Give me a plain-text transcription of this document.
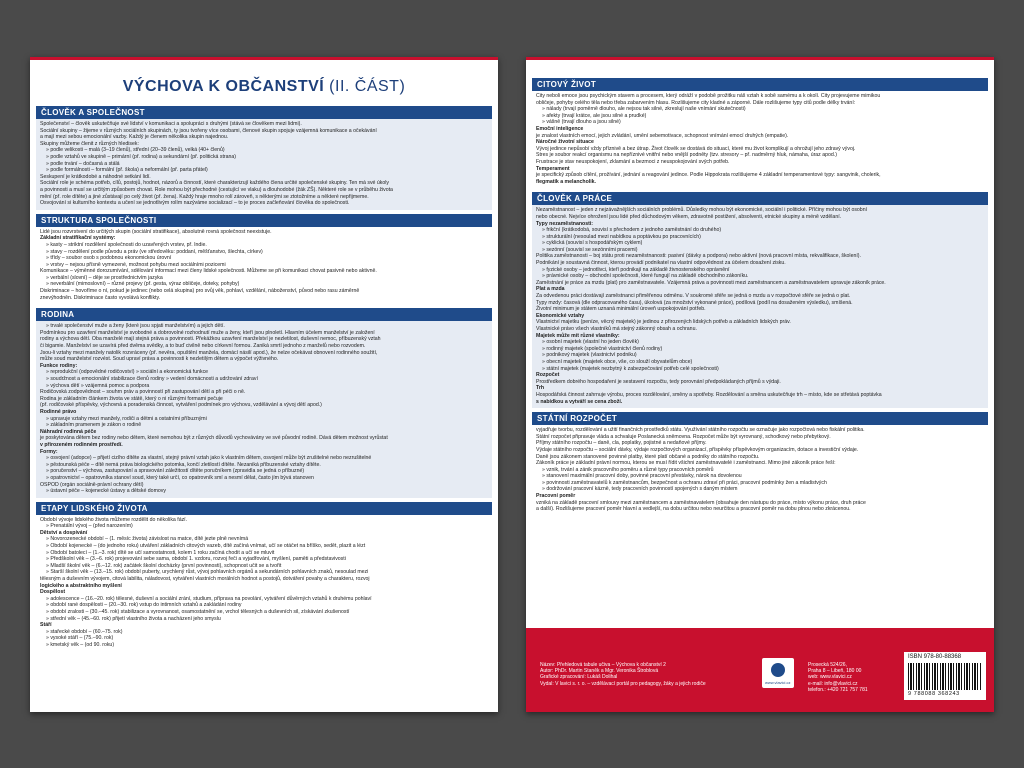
VÝCHOVA K OBČANSTVÍ (II. ČÁST)
ČLOVĚK A SPOLEČNOST

Společenství – člověk uskutečňuje své lidství v komunikaci a spolupráci s druhými (stává se člověkem mezi lidmi).

Sociální skupiny – žijeme v různých sociálních skupinách, ty jsou tvořeny více osobami, členové skupin spojuje vzájemná komunikace a očekávání

a mají mezi sebou emocionální vazby. Každý je členem několika skupin najednou.

Skupiny můžeme členit z různých hledisek:

» podle velikosti – malá (3–19 členů), střední (20–39 členů), velká (40+ členů)

» podle vztahů ve skupině – primární (př. rodina) a sekundární (př. politická strana)

» podle trvání – dočasná a stálá

» podle formálnosti – formální (př. škola) a neformální (př. parta přátel)

Seskupení je krátkodobé a náhodné setkání lidí.

Sociální role je schéma potřeb, cílů, postojů, hodnot, názorů a činností, které charakterizují každého člena určité společenské skupiny. Ten má své úkoly

a povinnosti a musí se určitým způsobem chovat. Role mohou být přechodné (cestující ve vlaku) a dlouhodobé (žák ZŠ). Některé role se v průběhu života

mění (př. role dítěte) a jiné zůstávají po celý život (př. žena). Každý hraje mnoho rolí zároveň, s některými se ztotožníme a některé nepřijmeme.

Osvojování si kulturního kontextu a učení se jednotlivým rolím nazýváme socializací – to je proces začleňování člověka do společnosti.

STRUKTURA SPOLEČNOSTI

Lidé jsou rozvrstvení do určitých skupin (sociální stratifikace), absolutně rovná společnost neexistuje.

Základní stratifikační systémy:

» kasty – striktní rozdělení společnosti do uzavřených vrstev, př. Indie.

» stavy – rozdělení podle původu a práv (ve středověku: poddaní, měšťanstvo, šlechta, církev)

» třídy – soubor osob s podobnou ekonomickou úrovní

» vrstvy – nejsou přísně vymezené, možnost pohybu mezi sociálními pozicemi

Komunikace – výměnné dorozumívání, sdělování informací mezi členy lidské společnosti. Můžeme se při komunikaci chovat pasivně nebo aktivně.

» verbální (slovní) – děje se prostřednictvím jazyka

» neverbální (mimoslovní) – různé projevy (př. gesta, výraz obličeje, doteky, pohyby)

Diskriminace – hovoříme o ní, pokud je jedinec (nebo celá skupina) pro svůj věk, pohlaví, vzdělání, náboženství, původ nebo rasu záměrně

znevýhodněn. Diskriminace často vyvolává konflikty.

RODINA

» trvalé společenství muže a ženy (které jsou spjati manželstvím) a jejich dětí.

Podmínkou pro uzavření manželství je svobodné a dobrovolné rozhodnutí muže a ženy, kteří jsou plnoletí. Hlavním účelem manželství je založení

rodiny a výchova dětí. Oba manželé mají stejná práva a povinnosti. Překážkou uzavření manželství je nezletilost, duševní nemoc, příbuzenský vztah

či bigamie. Manželství se uzavírá před dvěma svědky, a to buď civilně nebo církevní formou. Zaniká smrtí jednoho z manželů nebo rozvodem.

Jsou-li vztahy mezi manžely natolik rozvráceny (př. nevěra, opuštění manžela, domácí násilí apod.), že nelze očekávat obnovení rodinného soužití,

může soud manželství rozvést. Soud upraví práva a povinnosti k nezletilým dětem a výpočet výživného.

Funkce rodiny:

» reprodukční (odpovědné rodičovství) » sociální a ekonomická funkce

» soudržnost a emocionální stabilizace členů rodiny » vedení domácnosti a udržování zdraví

» výchova dětí » vzájemná pomoc a podpora

Rodičovská zodpovědnost – souhrn práv a povinností při zastupování dětí a při péči o ně.

Rodina je základním článkem života ve státě, který o ni různými formami pečuje

(př. rodičovské příspěvky, výchovná a poradenská činnost, vytváření podmínek pro výchovu, vzdělávání a vývoj dětí apod.)

Rodinné právo

» upravuje vztahy mezi manžely, rodiči a dětmi a ostatními příbuznými

» základním pramenem je zákon o rodině

Náhradní rodinná péče

je poskytována dětem bez rodiny nebo dětem, které nemohou být z různých důvodů vychovávány ve své původní rodině. Dává dětem možnost vyrůstat

v přirozeném rodinném prostředí.

Formy:

» osvojení (adopce) – přijetí cizího dítěte za vlastní, stejný právní vztah jako k vlastním dětem, osvojení může být zrušitelné nebo nezrušitelné

» pěstounská péče – dítě nemá práva biologického potomka, končí zletilostí dítěte. Nezaniká příbuzenské vztahy dítěte.

» poručenství – výchova, zastupování a spravování záležitostí dítěte poručníkem (zpravidla se jedná o příbuzné)

» opatrovnictví – opatrovníka stanoví soud, který také určí, co opatrovník smí a nesmí dělat, často jím bývá stanoven

OSPOD (orgán sociálně-právní ochrany dětí)

» ústavní péče – kojenecké ústavy a dětské domovy

ETAPY LIDSKÉHO ŽIVOTA

Období vývoje lidského života můžeme rozdělit do několika fází.

» Prenatální vývoj – (před narozením)

Dětství a dospívání

» Novorozenecké období – (1. měsíc života) závislost na matce, dítě jezte plně nevnímá

» Období kojenecké – (do jednoho roku) utváření základních citových vazeb, dítě začíná vnímat, učí se otáčet na bříško, sedět, plazit a lézt

» Období batolecí – (1.–3. rok) dítě se učí samostatnosti, kolem 1 roku začíná chodit a učí se mluvit

» Předškolní věk – (3.–6. rok) projevování sebe sama, období 1. vzdoru, rozvoj řeči a vyjadřování, myšlení, paměti a představivosti

» Mladší školní věk – (6.–12. rok) začátek školní docházky (první povinnosti), schopnost učit se a tvořit

» Starší školní věk – (13.–15. rok) období puberty, urychlený růst, vývoj pohlavních orgánů a sekundárních pohlavních znaků, nesoulad mezi

tělesným a duševním vývojem, citová labilita, náladovost, vytváření vlastních morálních hodnot a postojů, dotváření povahy a charakteru, rozvoj

logického a abstraktního myšlení

Dospělost

» adolescence – (16.–20. rok) tělesné, duševní a sociální zrání, studium, přípravа na povolání, vytváření důvěrných vztahů k druhému pohlaví

» období rané dospělosti – (20.–30. rok) vstup do intimních vztahů a zakládání rodiny

» období zralosti – (30.–45. rok) stabilizace a vyrovnanost, osamostatnění se, vrchol tělesných a duševních sil, získávání zkušeností

» střední věk – (45.–60. rok) přijetí vlastního života a nacházení jeho smyslu

Stáří

» stařecké období – (60.–75. rok)

» vysoké stáří – (75.–90. rok)

» kmetský věk – (od 90. roku)

CITOVÝ ŽIVOT

City neboli emoce jsou psychickým stavem a procesem, který odráží v podobě prožitku náš vztah k sobě samému a k okolí. City projevujeme mimikou

obličeje, pohyby celého těla nebo třeba zabarvením hlasu. Rozlišujeme city kladné a záporné. Dále rozlišujeme typy citů podle délky trvání:

» nálady (trvají poměrně dlouho, ale nejsou tak silné, zkreslují naše vnímání skutečnosti)

» afekty (trvají krátce, ale jsou silné a prudké)

» vášně (trvají dlouho a jsou silné)

Emoční inteligence

je znalost vlastních emocí, jejich zvládání, umění sebemotivace, schopnost vnímání emocí druhých (empatie).

Náročné životní situace

Vývoj jedince nepůsobí vždy příznivě a bez útrap. Život člověk se dostává do situací, které mu život komplikují a ohrožují jeho zdravý vývoj.

Stres je soubor reakcí organismu na nepříznivé vnitřní nebo vnější podněty (tzv. stresory – př. nadměrný hluk, námaha, úraz apod.)

Frustrace je stav neuspokojení, zklamání a bezmoci z neuspokojování svých potřeb.

Temperament

je specifický způsob cítění, prožívání, jednání a reagování jedince. Podle Hippokrata rozlišujeme 4 základní temperamentové typy: sangvinik, cholerik,

flegmatik a melancholik.

ČLOVĚK A PRÁCE

Nezaměstnanost – jeden z nejzávažnějších sociálních problémů. Důsledky mohou být ekonomické, sociální i politické. Příčiny mohou být osobní

nebo obecné. Nejvíce ohrožení jsou lidé před důchodovým věkem, zdravotně postižení, absolventi, etnické skupiny a méně vzdělaní.

Typy nezaměstnanosti:

» frikční (krátkodobá, souvisí s přechodem z jednoho zaměstnání do druhého)

» strukturální (nesoulad mezi nabídkou a poptávkou po pracovnících)

» cyklická (souvisí s hospodářským cyklem)

» sezónní (souvisí se sezónními pracemi)

Politika zaměstnanosti – boj státu proti nezaměstnanosti: pasivní (dávky a podpora) nebo aktivní (nová pracovní místa, rekvalifikace, školení).

Podnikání je soustavná činnost, kterou provádí podnikatel na vlastní odpovědnost za účelem dosažení zisku.

» fyzické osoby – jednotlivci, kteří podnikají na základě živnostenského oprávnění

» právnické osoby – obchodní společnosti, které fungují na základě obchodního zákoníku.

Zaměstnání je práce za mzdu (plat) pro zaměstnavatele. Vzájemná práva a povinnosti mezi zaměstnancem a zaměstnavatelem upravuje zákoník práce.

Plat a mzda

Za odvedenou práci dostávají zaměstnanci přiměřenou odměnu. V soukromé sféře se jedná o mzdu a v rozpočtové sféře se jedná o plat.

Typy mzdy: časová (dle odpracovaného času), úkolová (za množství vykonané práce), podílová (podíl na dosaženém výsledku), smíšená.

Životní minimum je státem uznaná minimální úroveň uspokojování potřeb.

Ekonomické vztahy

Vlastnictví majetku (peníze, věcný majetek) je jedinou z přirozených lidských potřeb a základních lidských práv.

Vlastnické právo všech vlastníků má stejný zákonný obsah a ochranu.

Majetek může mít různé vlastníky:

» osobní majetek (vlastní ho jeden člověk)

» rodinný majetek (společné vlastnictví členů rodiny)

» podnikový majetek (vlastnictví podniku)

» obecní majetek (majetek obce, vše, co slouží obyvatelům obce)

» státní majetek (majetek nezbytný k zabezpečování potřeb celé společnosti)

Rozpočet

Prostředkem dobrého hospodaření je sestavení rozpočtu, tedy porovnání předpokládaných příjmů s výdaji.

Trh

Hospodářská činnost zahrnuje výrobu, proces rozdělování, směny a spotřeby. Rozdělování a směna uskutečňuje trh – místo, kde se střetává poptávka

s nabídkou a vytváří se cena zboží.

STÁTNÍ ROZPOČET

vyjadřuje tvorbu, rozdělování a užití finančních prostředků státu. Využívání státního rozpočtu se označuje jako rozpočtová nebo fiskální politika.

Státní rozpočet připravuje vláda a schvaluje Poslanecká sněmovna. Rozpočet může být vyrovnaný, schodkový nebo přebytkový.

Příjmy státního rozpočtu – daně, cla, poplatky, pojistné a nedaňové příjmy.

Výdaje státního rozpočtu – sociální dávky, výdaje rozpočtových organizací, příspěvky příspěvkovým organizacím, dotace a investiční výdaje.

Daně jsou zákonem stanovené povinné platby, které platí občané a podniky do státního rozpočtu.

Zákoník práce je základní právní normou, kterou se musí řídit všichni zaměstnavatelé i zaměstnanci. Mimo jiné zákoník práce řeší:

» vznik, trvání a zánik pracovního poměru a různé typy pracovních poměrů

» stanovení maximální pracovní doby, povinné pracovní přestávky, nárok na dovolenou

» povinnosti zaměstnavatelů k zaměstnancům, bezpečnost a ochranu zdraví při práci, pracovní podmínky žen a mladistvých

» dodržování pracovní kázně, tedy pracovních povinností spojených s daným místem

Pracovní poměr

vzniká na základě pracovní smlouvy mezi zaměstnancem a zaměstnavatelem (obsahuje den nástupu do práce, místo výkonu práce, druh práce

a další). Rozlišujeme pracovní poměr hlavní a vedlejší, na dobu určitou nebo neurčitou a pracovní poměr na dobu plnou nebo zkrácenou.

Název: Přehledová tabule učiva – Výchova k občanství 2
Autor: PhDr. Martin Staněk a Mgr. Veronika Štroblová
Grafické zpracování: Lukáš Dolihal
Vydal: V lavici s. r. o. – vzdělávací portál pro pedagogy, žáky a jejich rodiče	www.vlavici.cz
Prosecká 524/26,
Praha 8 – Libeň, 180 00
web: www.vlavici.cz
e-mail: info@vlavici.cz
telefon.: +420 721 757 781
ISBN 978-80-88368
9 788088 368243
